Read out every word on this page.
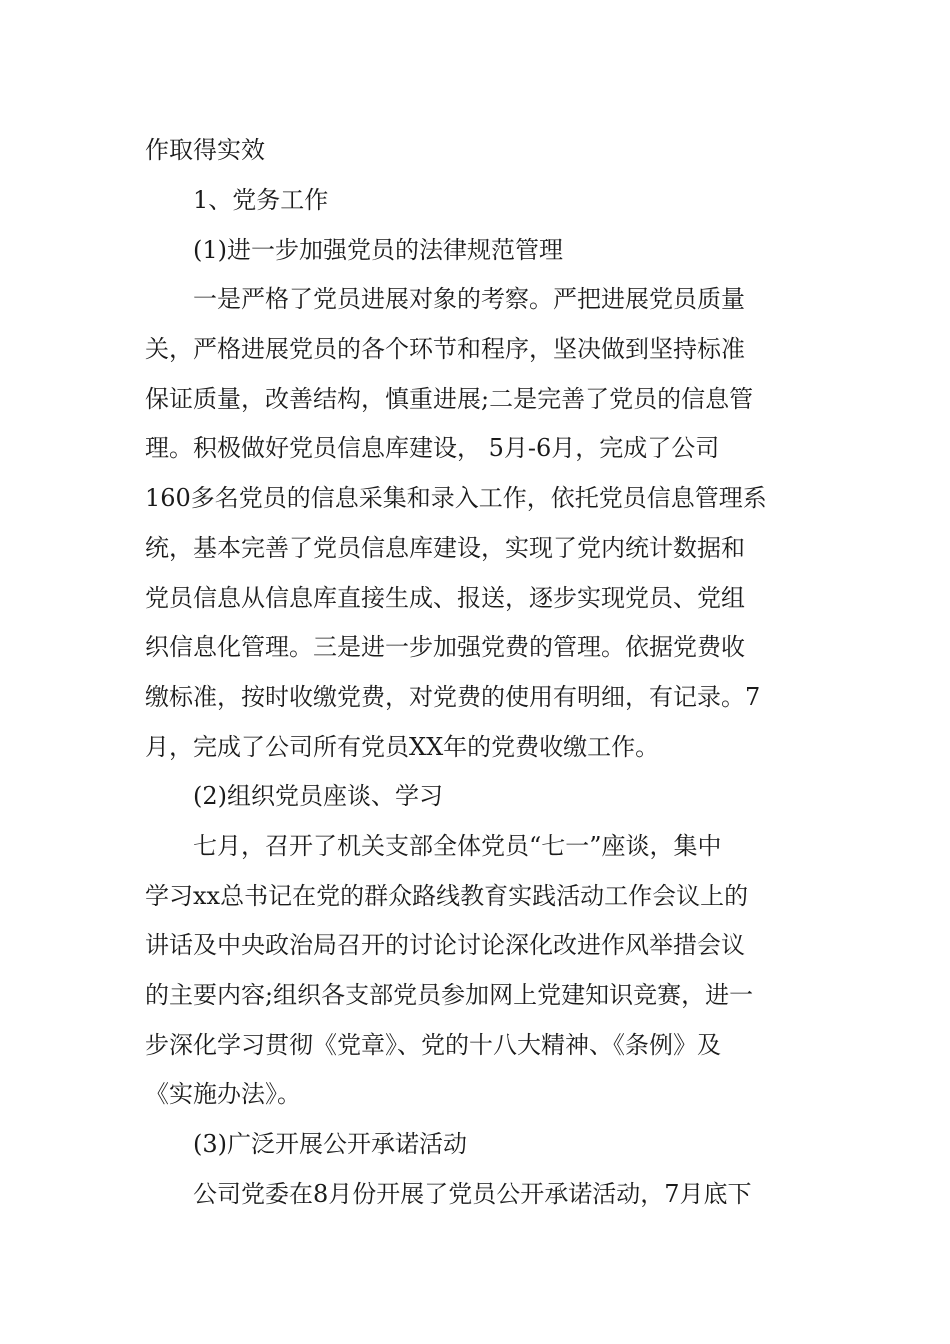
作取得实效
1、党务工作
(1)进一步加强党员的法律规范管理
一是严格了党员进展对象的考察。严把进展党员质量
关，严格进展党员的各个环节和程序，坚决做到坚持标准
保证质量，改善结构，慎重进展;二是完善了党员的信息管
理。积极做好党员信息库建设， 5月-6月，完成了公司
160多名党员的信息采集和录入工作，依托党员信息管理系
统，基本完善了党员信息库建设，实现了党内统计数据和
党员信息从信息库直接生成、报送，逐步实现党员、党组
织信息化管理。三是进一步加强党费的管理。依据党费收
缴标准，按时收缴党费，对党费的使用有明细，有记录。7
月，完成了公司所有党员XX年的党费收缴工作。
(2)组织党员座谈、学习
七月，召开了机关支部全体党员“七一”座谈，集中
学习xx总书记在党的群众路线教育实践活动工作会议上的
讲话及中央政治局召开的讨论讨论深化改进作风举措会议
的主要内容;组织各支部党员参加网上党建知识竞赛，进一
步深化学习贯彻《党章》、党的十八大精神、《条例》及
《实施办法》。
(3)广泛开展公开承诺活动
公司党委在8月份开展了党员公开承诺活动，7月底下
